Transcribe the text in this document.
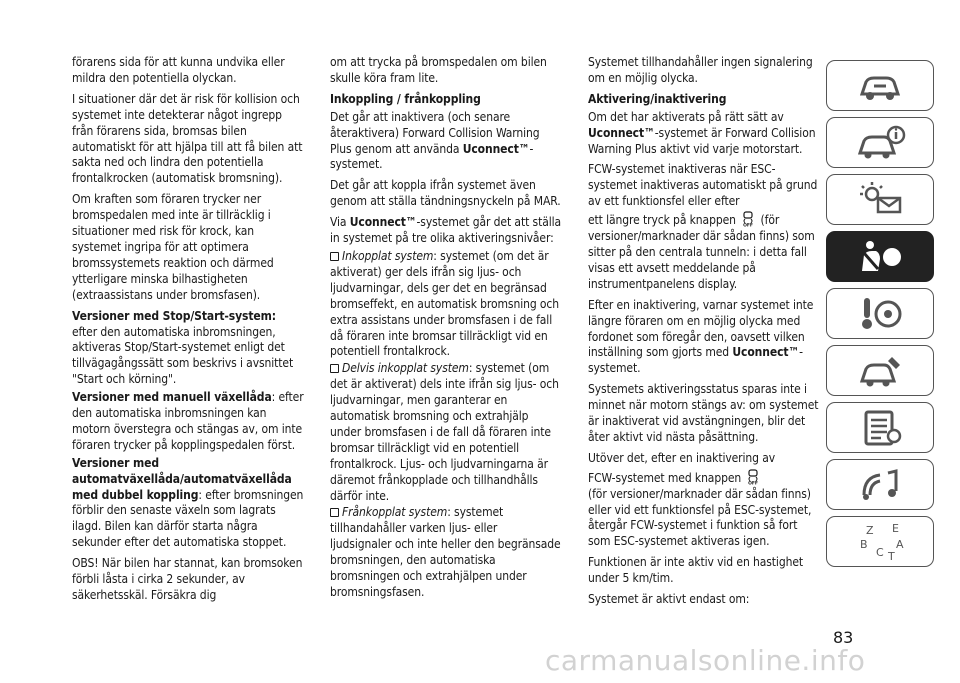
förarens sida för att kunna undvika eller mildra den potentiella olyckan.

I situationer där det är risk för kollision och systemet inte detekterar något ingrepp från förarens sida, bromsas bilen automatiskt för att hjälpa till att få bilen att sakta ned och lindra den potentiella frontalkrocken (automatisk bromsning).

Om kraften som föraren trycker ner bromspedalen med inte är tillräcklig i situationer med risk för krock, kan systemet ingripa för att optimera bromssystemets reaktion och därmed ytterligare minska bilhastigheten (extraassistans under bromsfasen).

Versioner med Stop/Start-system: efter den automatiska inbromsningen, aktiveras Stop/Start-systemet enligt det tillvägagångssätt som beskrivs i avsnittet "Start och körning".

Versioner med manuell växellåda: efter den automatiska inbromsningen kan motorn överstegra och stängas av, om inte föraren trycker på kopplingspedalen först.

Versioner med automatväxellåda/automatväxellåda med dubbel koppling: efter bromsningen förblir den senaste växeln som lagrats ilagd. Bilen kan därför starta några sekunder efter det automatiska stoppet.

OBS! När bilen har stannat, kan bromsoken förbli låsta i cirka 2 sekunder, av säkerhetsskäl. Försäkra dig

om att trycka på bromspedalen om bilen skulle köra fram lite.

Inkoppling / frånkoppling

Det går att inaktivera (och senare återaktivera) Forward Collision Warning Plus genom att använda Uconnect™-systemet.

Det går att koppla ifrån systemet även genom att ställa tändningsnyckeln på MAR.

Via Uconnect™-systemet går det att ställa in systemet på tre olika aktiveringsnivåer:

Inkopplat system: systemet (om det är aktiverat) ger dels ifrån sig ljus- och ljudvarningar, dels ger det en begränsad bromseffekt, en automatisk bromsning och extra assistans under bromsfasen i de fall då föraren inte bromsar tillräckligt vid en potentiell frontalkrock.

Delvis inkopplat system: systemet (om det är aktiverat) dels inte ifrån sig ljus- och ljudvarningar, men garanterar en automatisk bromsning och extrahjälp under bromsfasen i de fall då föraren inte bromsar tillräckligt vid en potentiell frontalkrock. Ljus- och ljudvarningarna är däremot frånkopplade och tillhandhålls därför inte.

Frånkopplat system: systemet tillhandahåller varken ljus- eller ljudsignaler och inte heller den begränsade bromsningen, den automatiska bromsningen och extrahjälpen under bromsningsfasen.

Systemet tillhandahåller ingen signalering om en möjlig olycka.

Aktivering/inaktivering

Om det har aktiverats på rätt sätt av Uconnect™-systemet är Forward Collision Warning Plus aktivt vid varje motorstart.

FCW-systemet inaktiveras när ESC-systemet inaktiveras automatiskt på grund av ett funktionsfel eller efter

ett längre tryck på knappen OFF (för versioner/marknader där sådan finns) som sitter på den centrala tunneln: i detta fall visas ett avsett meddelande på instrumentpanelens display.

Efter en inaktivering, varnar systemet inte längre föraren om en möjlig olycka med fordonet som föregår den, oavsett vilken inställning som gjorts med Uconnect™-systemet.

Systemets aktiveringsstatus sparas inte i minnet när motorn stängs av: om systemet är inaktiverat vid avstängningen, blir det åter aktivt vid nästa påsättning.

Utöver det, efter en inaktivering av

FCW-systemet med knappen OFF

(för versioner/marknader där sådan finns) eller vid ett funktionsfel på ESC-systemet, återgår FCW-systemet i funktion så fort som ESC-systemet aktiveras igen.

Funktionen är inte aktiv vid en hastighet under 5 km/tim.

Systemet är aktivt endast om:

Z E
B
C
A
T
83
carmanualsonline.info
